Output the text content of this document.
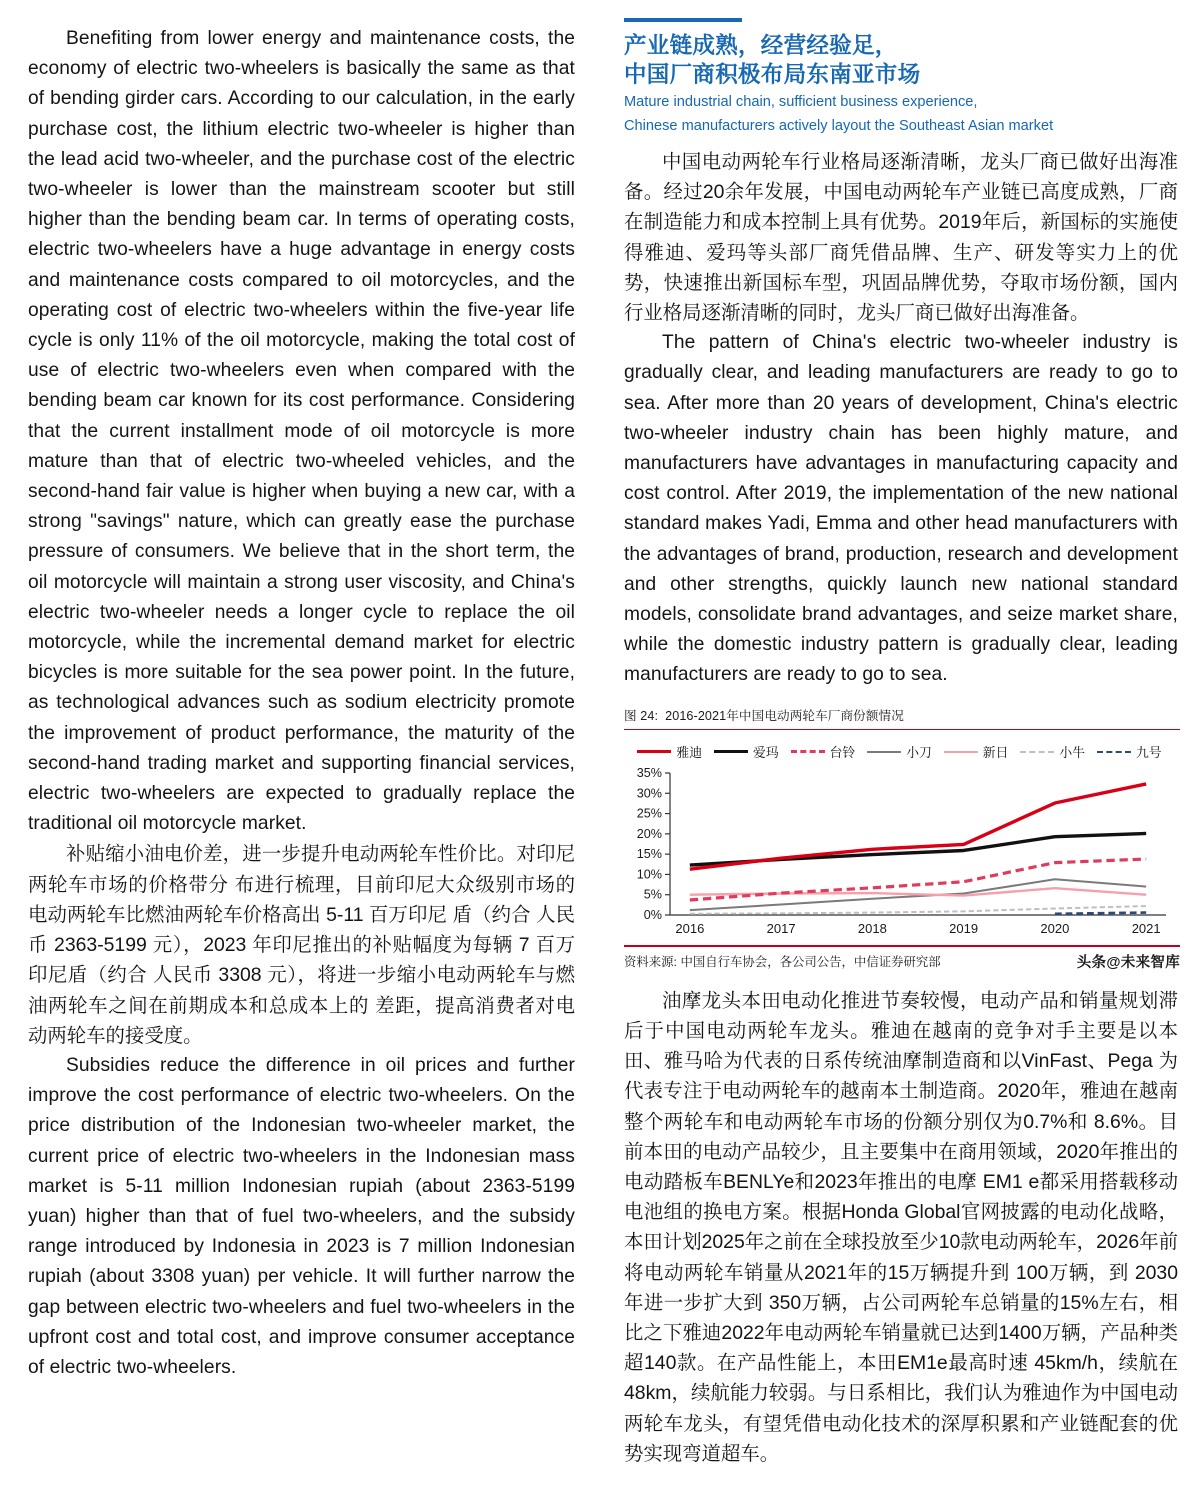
Benefiting from lower energy and maintenance costs, the economy of electric two-wheelers is basically the same as that of bending girder cars. According to our calculation, in the early purchase cost, the lithium electric two-wheeler is higher than the lead acid two-wheeler, and the purchase cost of the electric two-wheeler is lower than the mainstream scooter but still higher than the bending beam car. In terms of operating costs, electric two-wheelers have a huge advantage in energy costs and maintenance costs compared to oil motorcycles, and the operating cost of electric two-wheelers within the five-year life cycle is only 11% of the oil motorcycle, making the total cost of use of electric two-wheelers even when compared with the bending beam car known for its cost performance. Considering that the current installment mode of oil motorcycle is more mature than that of electric two-wheeled vehicles, and the second-hand fair value is higher when buying a new car, with a strong "savings" nature, which can greatly ease the purchase pressure of consumers. We believe that in the short term, the oil motorcycle will maintain a strong user viscosity, and China's electric two-wheeler needs a longer cycle to replace the oil motorcycle, while the incremental demand market for electric bicycles is more suitable for the sea power point. In the future, as technological advances such as sodium electricity promote the improvement of product performance, the maturity of the second-hand trading market and supporting financial services, electric two-wheelers are expected to gradually replace the traditional oil motorcycle market.

补贴缩小油电价差，进一步提升电动两轮车性价比。对印尼两轮车市场的价格带分 布进行梳理，目前印尼大众级别市场的电动两轮车比燃油两轮车价格高出 5-11 百万印尼 盾（约合 人民币 2363-5199 元），2023 年印尼推出的补贴幅度为每辆 7 百万印尼盾（约合 人民币 3308 元），将进一步缩小电动两轮车与燃油两轮车之间在前期成本和总成本上的 差距，提高消费者对电动两轮车的接受度。

Subsidies reduce the difference in oil prices and further improve the cost performance of electric two-wheelers. On the price distribution of the Indonesian two-wheeler market, the current price of electric two-wheelers in the Indonesian mass market is 5-11 million Indonesian rupiah (about 2363-5199 yuan) higher than that of fuel two-wheelers, and the subsidy range introduced by Indonesia in 2023 is 7 million Indonesian rupiah (about 3308 yuan) per vehicle. It will further narrow the gap between electric two-wheelers and fuel two-wheelers in the upfront cost and total cost, and improve consumer acceptance of electric two-wheelers.

产业链成熟，经营经验足，
中国厂商积极布局东南亚市场
Mature industrial chain, sufficient business experience,
Chinese manufacturers actively layout the Southeast Asian market

中国电动两轮车行业格局逐渐清晰，龙头厂商已做好出海准备。经过20余年发展，中国电动两轮车产业链已高度成熟，厂商在制造能力和成本控制上具有优势。2019年后，新国标的实施使得雅迪、爱玛等头部厂商凭借品牌、生产、研发等实力上的优势，快速推出新国标车型，巩固品牌优势，夺取市场份额，国内行业格局逐渐清晰的同时，龙头厂商已做好出海准备。

The pattern of China's electric two-wheeler industry is gradually clear, and leading manufacturers are ready to go to sea. After more than 20 years of development, China's electric two-wheeler industry chain has been highly mature, and manufacturers have advantages in manufacturing capacity and cost control. After 2019, the implementation of the new national standard makes Yadi, Emma and other head manufacturers with the advantages of brand, production, research and development and other strengths, quickly launch new national standard models, consolidate brand advantages, and seize market share, while the domestic industry pattern is gradually clear, leading manufacturers are ready to go to sea.

图 24: 2016-2021年中国电动两轮车厂商份额情况
雅迪	爱玛	台铃	小刀	新日	小牛	九号
0%
5%
10%
15%
20%
25%
30%
35%
2016	2017	2018	2019	2020	2021
资料来源: 中国自行车协会，各公司公告，中信证券研究部	头条@未来智库

油摩龙头本田电动化推进节奏较慢，电动产品和销量规划滞后于中国电动两轮车龙头。雅迪在越南的竞争对手主要是以本田、雅马哈为代表的日系传统油摩制造商和以VinFast、Pega 为代表专注于电动两轮车的越南本土制造商。2020年，雅迪在越南整个两轮车和电动两轮车市场的份额分别仅为0.7%和 8.6%。目前本田的电动产品较少，且主要集中在商用领域，2020年推出的电动踏板车BENLYe和2023年推出的电摩 EM1 e都采用搭载移动电池组的换电方案。根据Honda Global官网披露的电动化战略，本田计划2025年之前在全球投放至少10款电动两轮车，2026年前将电动两轮车销量从2021年的15万辆提升到 100万辆，到 2030年进一步扩大到 350万辆，占公司两轮车总销量的15%左右，相比之下雅迪2022年电动两轮车销量就已达到1400万辆，产品种类超140款。在产品性能上，本田EM1e最高时速 45km/h，续航在 48km，续航能力较弱。与日系相比，我们认为雅迪作为中国电动两轮车龙头，有望凭借电动化技术的深厚积累和产业链配套的优势实现弯道超车。
